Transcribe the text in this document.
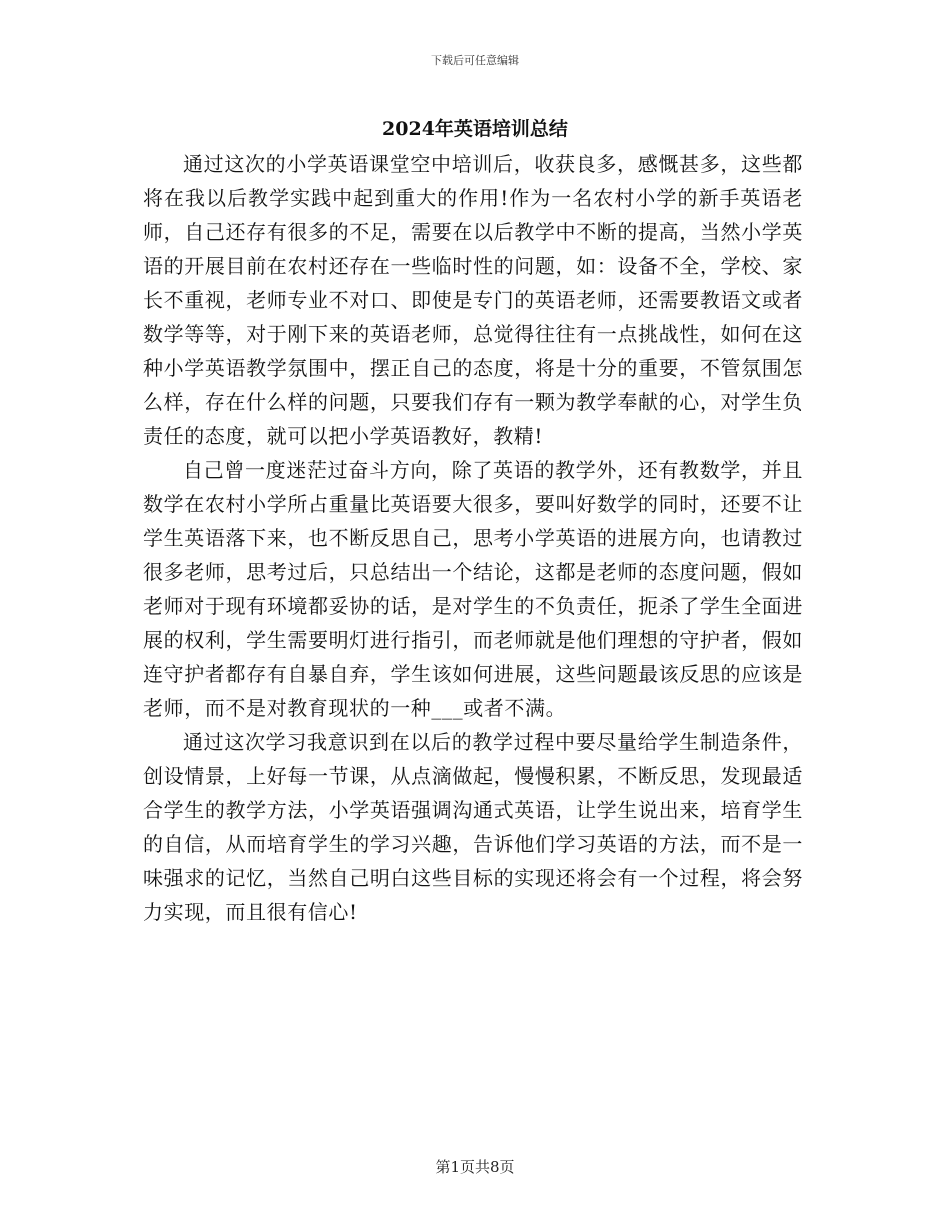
下载后可任意编辑
2024年英语培训总结

通过这次的小学英语课堂空中培训后，收获良多，感慨甚多，这些都将在我以后教学实践中起到重大的作用!作为一名农村小学的新手英语老师，自己还存有很多的不足，需要在以后教学中不断的提高，当然小学英语的开展目前在农村还存在一些临时性的问题，如：设备不全，学校、家长不重视，老师专业不对口、即使是专门的英语老师，还需要教语文或者数学等等，对于刚下来的英语老师，总觉得往往有一点挑战性，如何在这种小学英语教学氛围中，摆正自己的态度，将是十分的重要，不管氛围怎么样，存在什么样的问题，只要我们存有一颗为教学奉献的心，对学生负责任的态度，就可以把小学英语教好，教精!

自己曾一度迷茫过奋斗方向，除了英语的教学外，还有教数学，并且数学在农村小学所占重量比英语要大很多，要叫好数学的同时，还要不让学生英语落下来，也不断反思自己，思考小学英语的进展方向，也请教过很多老师，思考过后，只总结出一个结论，这都是老师的态度问题，假如老师对于现有环境都妥协的话，是对学生的不负责任，扼杀了学生全面进展的权利，学生需要明灯进行指引，而老师就是他们理想的守护者，假如连守护者都存有自暴自弃，学生该如何进展，这些问题最该反思的应该是老师，而不是对教育现状的一种___或者不满。

通过这次学习我意识到在以后的教学过程中要尽量给学生制造条件，创设情景，上好每一节课，从点滴做起，慢慢积累，不断反思，发现最适合学生的教学方法，小学英语强调沟通式英语，让学生说出来，培育学生的自信，从而培育学生的学习兴趣，告诉他们学习英语的方法，而不是一味强求的记忆，当然自己明白这些目标的实现还将会有一个过程，将会努力实现，而且很有信心!

第1页共8页
